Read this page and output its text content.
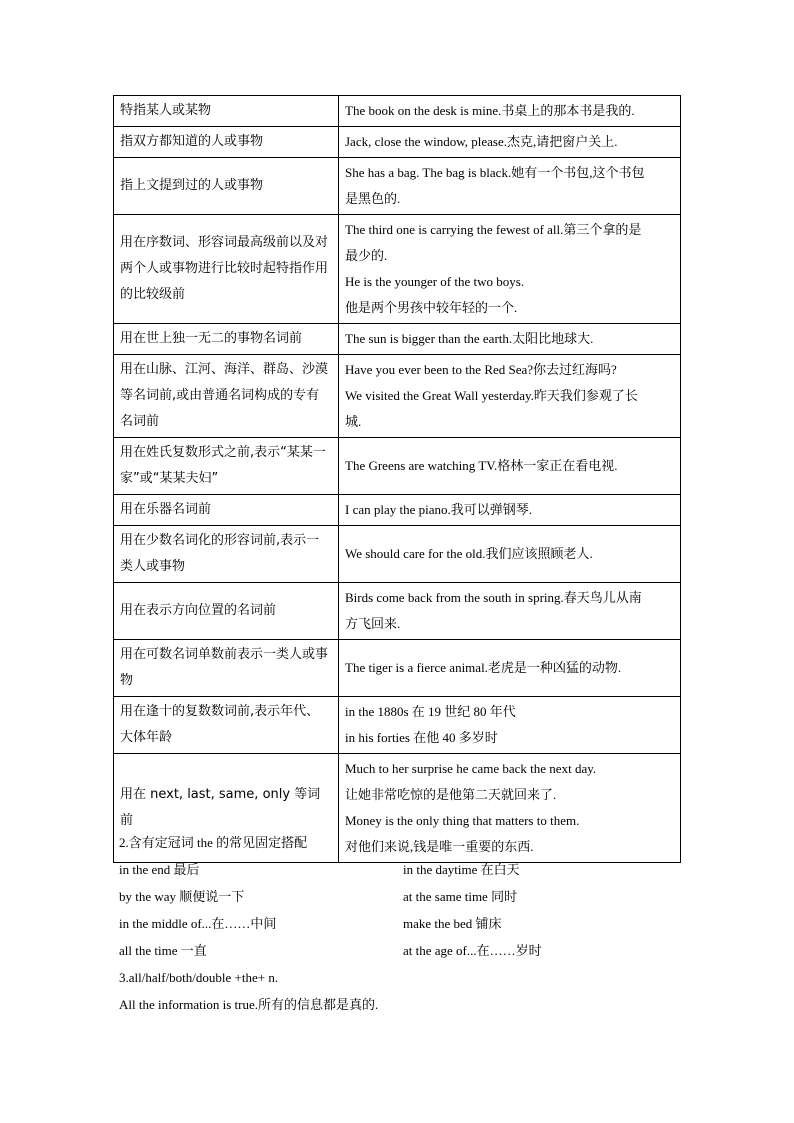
特指某人或某物	The book on the desk is mine.书桌上的那本书是我的.

指双方都知道的人或事物	Jack, close the window, please.杰克,请把窗户关上.

指上文提到过的人或事物	She has a bag. The bag is black.她有一个书包,这个书包
是黑色的.

用在序数词、形容词最高级前以及对两个人或事物进行比较时起特指作用的比较级前	The third one is carrying the fewest of all.第三个拿的是
最少的.
He is the younger of the two boys.
他是两个男孩中较年轻的一个.

用在世上独一无二的事物名词前	The sun is bigger than the earth.太阳比地球大.

用在山脉、江河、海洋、群岛、沙漠等名词前,或由普通名词构成的专有名词前	Have you ever been to the Red Sea?你去过红海吗?
We visited the Great Wall yesterday.昨天我们参观了长
城.

用在姓氏复数形式之前,表示“某某一家”或“某某夫妇”	The Greens are watching TV.格林一家正在看电视.

用在乐器名词前	I can play the piano.我可以弹钢琴.

用在少数名词化的形容词前,表示一类人或事物	We should care for the old.我们应该照顾老人.

用在表示方向位置的名词前	Birds come back from the south in spring.春天鸟儿从南
方飞回来.

用在可数名词单数前表示一类人或事物	The tiger is a fierce animal.老虎是一种凶猛的动物.

用在逢十的复数数词前,表示年代、大体年龄	in the 1880s 在 19 世纪 80 年代
in his forties 在他 40 多岁时

用在 next, last, same, only 等词前	Much to her surprise he came back the next day.
让她非常吃惊的是他第二天就回来了.
Money is the only thing that matters to them.
对他们来说,钱是唯一重要的东西.
2.含有定冠词 the 的常见固定搭配
in the end 最后	in the daytime 在白天
by the way 顺便说一下	at the same time 同时
in the middle of...在……中间	make the bed 铺床
all the time 一直	at the age of...在……岁时
3.all/half/both/double +the+ n.
All the information is true.所有的信息都是真的.
